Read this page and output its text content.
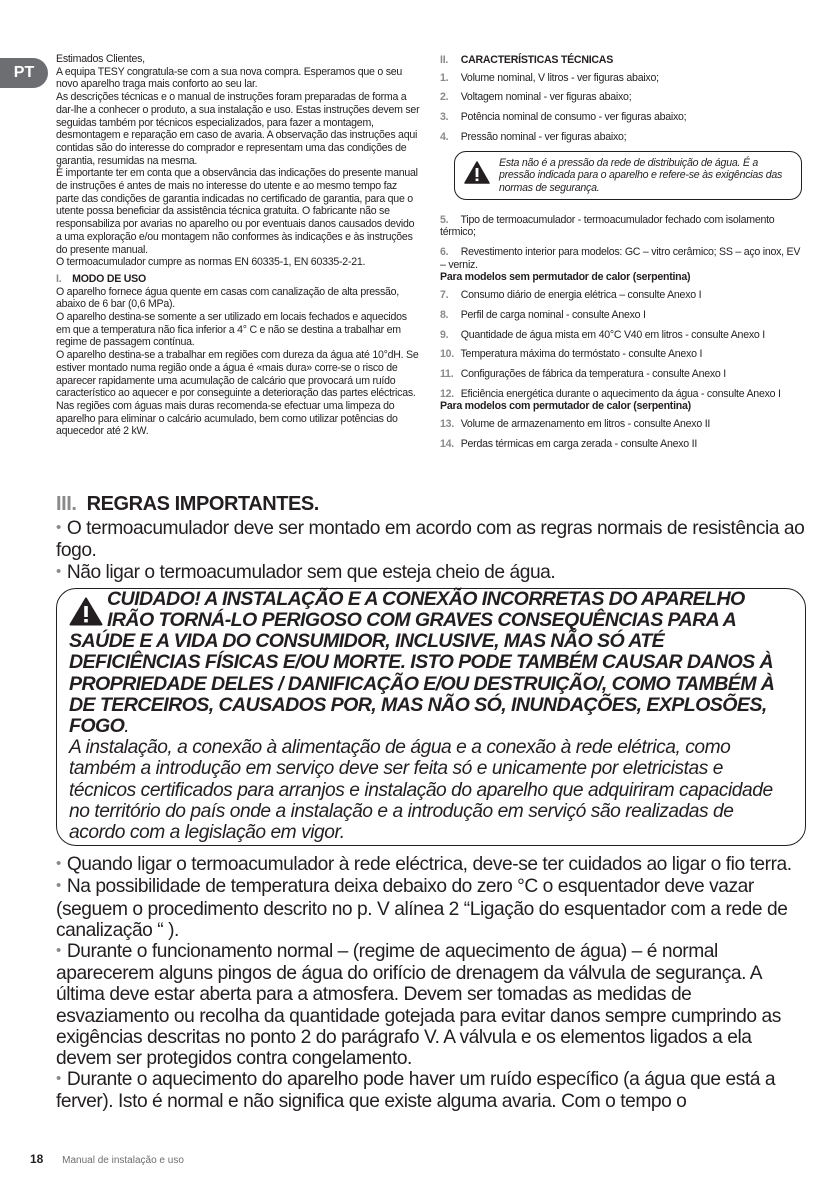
PT

Estimados Clientes,

A equipa TESY congratula-se com a sua nova compra. Esperamos que o seu novo aparelho traga mais conforto ao seu lar.

As descrições técnicas e o manual de instruções foram preparadas de forma a dar-lhe a conhecer o produto, a sua instalação e uso. Estas instruções devem ser seguidas também por técnicos especializados, para fazer a montagem, desmontagem e reparação em caso de avaria. A observação das instruções aqui contidas são do interesse do comprador e representam uma das condições de garantia, resumidas na mesma.

É importante ter em conta que a observância das indicações do presente manual de instruções é antes de mais no interesse do utente e ao mesmo tempo faz parte das condições de garantia indicadas no certificado de garantia, para que o utente possa beneficiar da assistência técnica gratuita. O fabricante não se responsabiliza por avarias no aparelho ou por eventuais danos causados devido a uma exploração e/ou montagem não conformes às indicações e às instruções do presente manual.

O termoacumulador cumpre as normas EN 60335-1, EN 60335-2-21.

I. MODO DE USO

O aparelho fornece água quente em casas com canalização de alta pressão, abaixo de 6 bar (0,6 MPa).

O aparelho destina-se somente a ser utilizado em locais fechados e aquecidos em que a temperatura não fica inferior a 4° C e não se destina a trabalhar em regime de passagem contínua.

O aparelho destina-se a trabalhar em regiões com dureza da água até 10°dH. Se estiver montado numa região onde a água é «mais dura» corre-se o risco de aparecer rapidamente uma acumulação de calcário que provocará um ruído característico ao aquecer e por conseguinte a deterioração das partes eléctricas. Nas regiões com águas mais duras recomenda-se efectuar uma limpeza do aparelho para eliminar o calcário acumulado, bem como utilizar potências do aquecedor até 2 kW.

II. CARACTERÍSTICAS TÉCNICAS

1. Volume nominal, V litros - ver figuras abaixo;

2. Voltagem nominal - ver figuras abaixo;

3. Potência nominal de consumo - ver figuras abaixo;

4. Pressão nominal - ver figuras abaixo;

Esta não é a pressão da rede de distribuição de água. É a pressão indicada para o aparelho e refere-se às exigências das normas de segurança.

5. Tipo de termoacumulador - termoacumulador fechado com isolamento térmico;

6. Revestimento interior para modelos: GC – vitro cerâmico; SS – aço inox, EV – verniz.

Para modelos sem permutador de calor (serpentina)

7. Consumo diário de energia elétrica – consulte Anexo I

8. Perfil de carga nominal - consulte Anexo I

9. Quantidade de água mista em 40°C V40 em litros - consulte Anexo I

10. Temperatura máxima do termóstato - consulte Anexo I

11. Configurações de fábrica da temperatura - consulte Anexo I

12. Eficiência energética durante o aquecimento da água - consulte Anexo I

Para modelos com permutador de calor (serpentina)

13. Volume de armazenamento em litros - consulte Anexo II

14. Perdas térmicas em carga zerada - consulte Anexo II

III. REGRAS IMPORTANTES.

• O termoacumulador deve ser montado em acordo com as regras normais de resistência ao fogo.

• Não ligar o termoacumulador sem que esteja cheio de água.

CUIDADO! A INSTALAÇÃO E A CONEXÃO INCORRETAS DO APARELHO IRÃO TORNÁ-LO PERIGOSO COM GRAVES CONSEQUÊNCIAS PARA A SAÚDE E A VIDA DO CONSUMIDOR, INCLUSIVE, MAS NÃO SÓ ATÉ DEFICIÊNCIAS FÍSICAS E/OU MORTE. ISTO PODE TAMBÉM CAUSAR DANOS À PROPRIEDADE DELES / DANIFICAÇÃO E/OU DESTRUIÇÃO/, COMO TAMBÉM À DE TERCEIROS, CAUSADOS POR, MAS NÃO SÓ, INUNDAÇÕES, EXPLOSÕES, FOGO.
A instalação, a conexão à alimentação de água e a conexão à rede elétrica, como também a introdução em serviço deve ser feita só e unicamente por eletricistas e técnicos certificados para arranjos e instalação do aparelho que adquiriram capacidade no território do país onde a instalação e a introdução em serviçó são realizadas de acordo com a legislação em vigor.

• Quando ligar o termoacumulador à rede eléctrica, deve-se ter cuidados ao ligar o fio terra.

• Na possibilidade de temperatura deixa debaixo do zero °C o esquentador deve vazar (seguem o procedimento descrito no p. V alínea 2 “Ligação do esquentador com a rede de canalização “ ).

• Durante o funcionamento normal – (regime de aquecimento de água) – é normal aparecerem alguns pingos de água do orifício de drenagem da válvula de segurança. A última deve estar aberta para a atmosfera. Devem ser tomadas as medidas de esvaziamento ou recolha da quantidade gotejada para evitar danos sempre cumprindo as exigências descritas no ponto 2 do parágrafo V. A válvula e os elementos ligados a ela devem ser protegidos contra congelamento.

• Durante o aquecimento do aparelho pode haver um ruído específico (a água que está a ferver). Isto é normal e não significa que existe alguma avaria. Com o tempo o

18 Manual de instalação e uso
